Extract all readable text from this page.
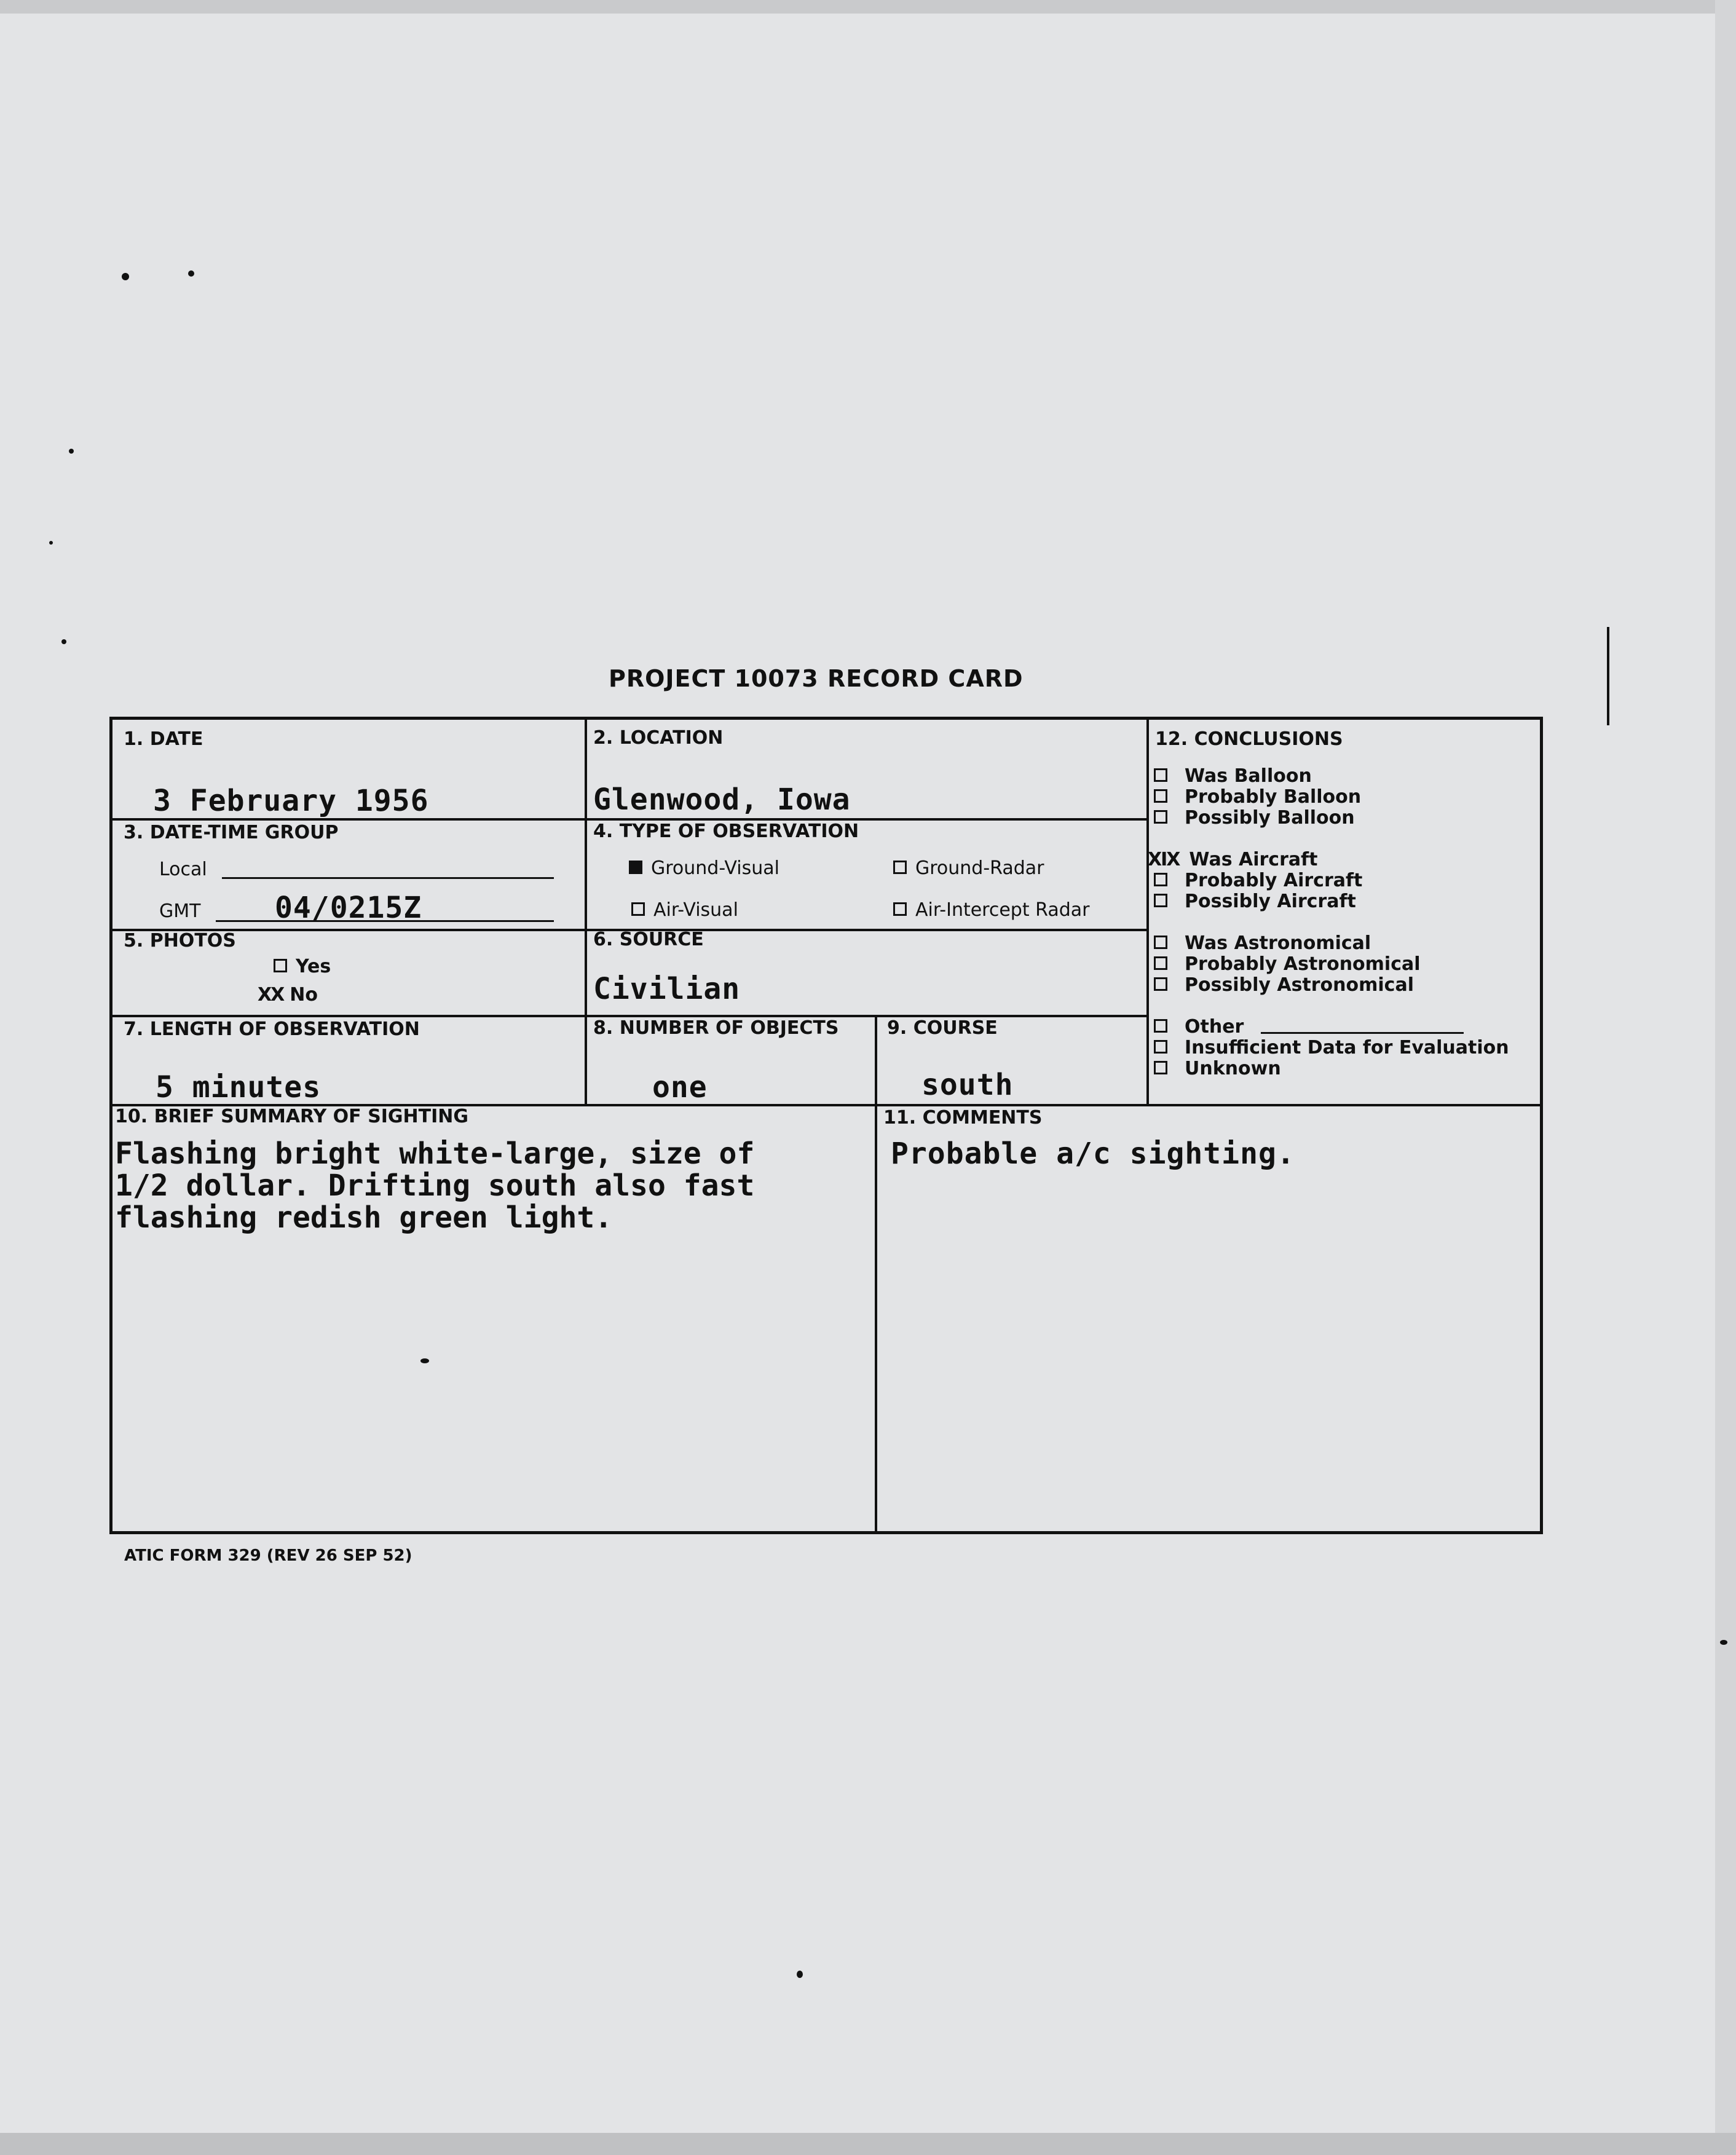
PROJECT 10073 RECORD CARD
1. DATE
3 February 1956
2. LOCATION
Glenwood, Iowa
3. DATE-TIME GROUP
Local
GMT	04/0215Z
4. TYPE OF OBSERVATION
Ground-Visual	Ground-Radar
Air-Visual	Air-Intercept Radar
5. PHOTOS
Yes
XX No
6. SOURCE
Civilian
7. LENGTH OF OBSERVATION
5 minutes
8. NUMBER OF OBJECTS
one
9. COURSE
south
10. BRIEF SUMMARY OF SIGHTING
Flashing bright white-large, size of
1/2 dollar. Drifting south also fast
flashing redish green light.
11. COMMENTS
Probable a/c sighting.
12. CONCLUSIONS
Was Balloon
Probably Balloon
Possibly Balloon
XIX Was Aircraft
Probably Aircraft
Possibly Aircraft
Was Astronomical
Probably Astronomical
Possibly Astronomical
Other
Insufficient Data for Evaluation
Unknown
ATIC FORM 329 (REV 26 SEP 52)
